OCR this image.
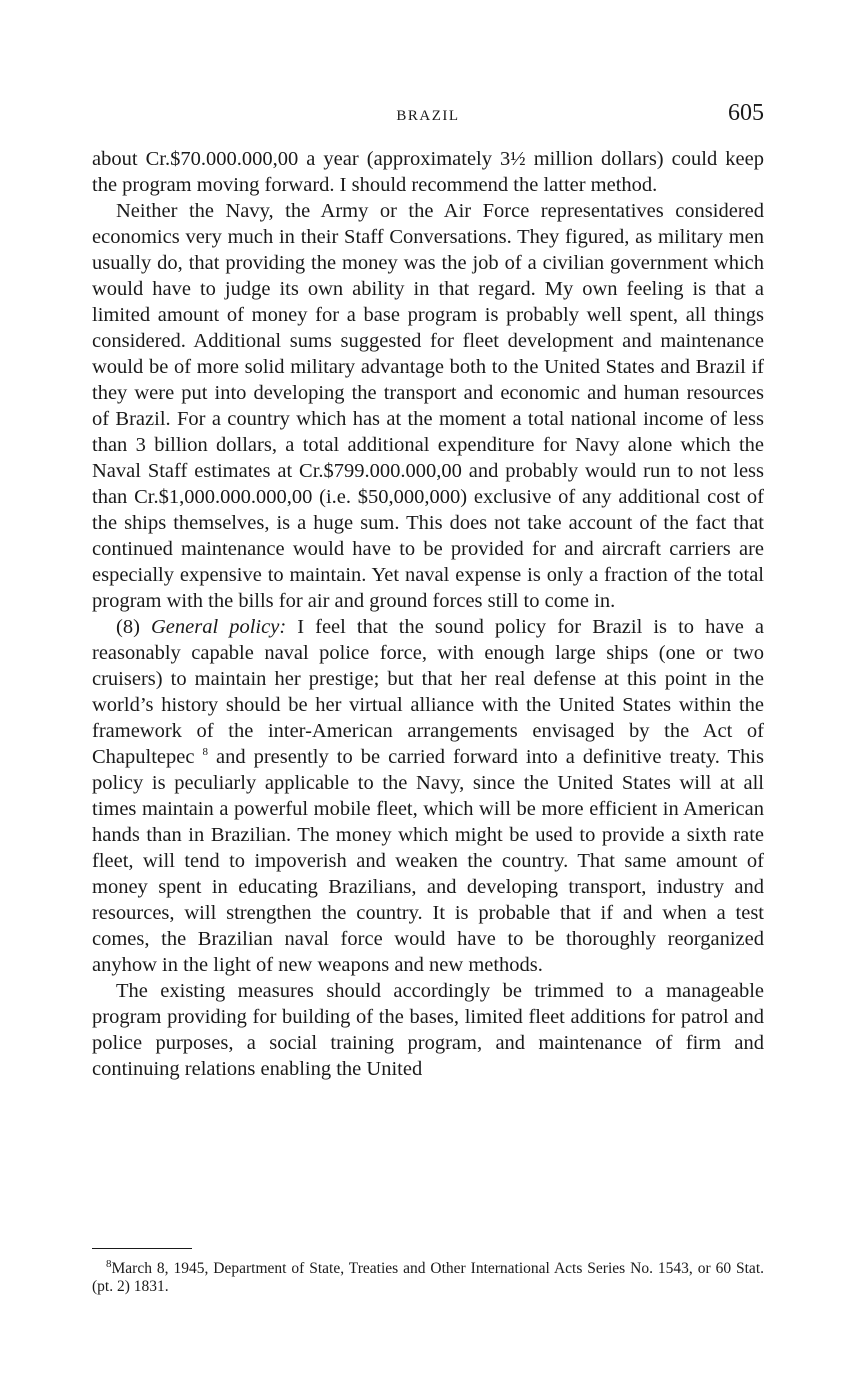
BRAZIL	605

about Cr.$70.000.000,00 a year (approximately 3½ million dollars) could keep the program moving forward. I should recommend the latter method.

Neither the Navy, the Army or the Air Force representatives considered economics very much in their Staff Conversations. They figured, as military men usually do, that providing the money was the job of a civilian government which would have to judge its own ability in that regard. My own feeling is that a limited amount of money for a base program is probably well spent, all things considered. Additional sums suggested for fleet development and maintenance would be of more solid military advantage both to the United States and Brazil if they were put into developing the transport and economic and human resources of Brazil. For a country which has at the moment a total national income of less than 3 billion dollars, a total additional expenditure for Navy alone which the Naval Staff estimates at Cr.$799.000.000,00 and probably would run to not less than Cr.$1,000.000.000,00 (i.e. $50,000,000) exclusive of any additional cost of the ships themselves, is a huge sum. This does not take account of the fact that continued maintenance would have to be provided for and aircraft carriers are especially expensive to maintain. Yet naval expense is only a fraction of the total program with the bills for air and ground forces still to come in.

(8) General policy: I feel that the sound policy for Brazil is to have a reasonably capable naval police force, with enough large ships (one or two cruisers) to maintain her prestige; but that her real defense at this point in the world’s history should be her virtual alliance with the United States within the framework of the inter-American arrangements envisaged by the Act of Chapultepec $^8$ and presently to be carried forward into a definitive treaty. This policy is peculiarly applicable to the Navy, since the United States will at all times maintain a powerful mobile fleet, which will be more efficient in American hands than in Brazilian. The money which might be used to provide a sixth rate fleet, will tend to impoverish and weaken the country. That same amount of money spent in educating Brazilians, and developing transport, industry and resources, will strengthen the country. It is probable that if and when a test comes, the Brazilian naval force would have to be thoroughly reorganized anyhow in the light of new weapons and new methods.

The existing measures should accordingly be trimmed to a manageable program providing for building of the bases, limited fleet additions for patrol and police purposes, a social training program, and maintenance of firm and continuing relations enabling the United

$^8$March 8, 1945, Department of State, Treaties and Other International Acts Series No. 1543, or 60 Stat. (pt. 2) 1831.
